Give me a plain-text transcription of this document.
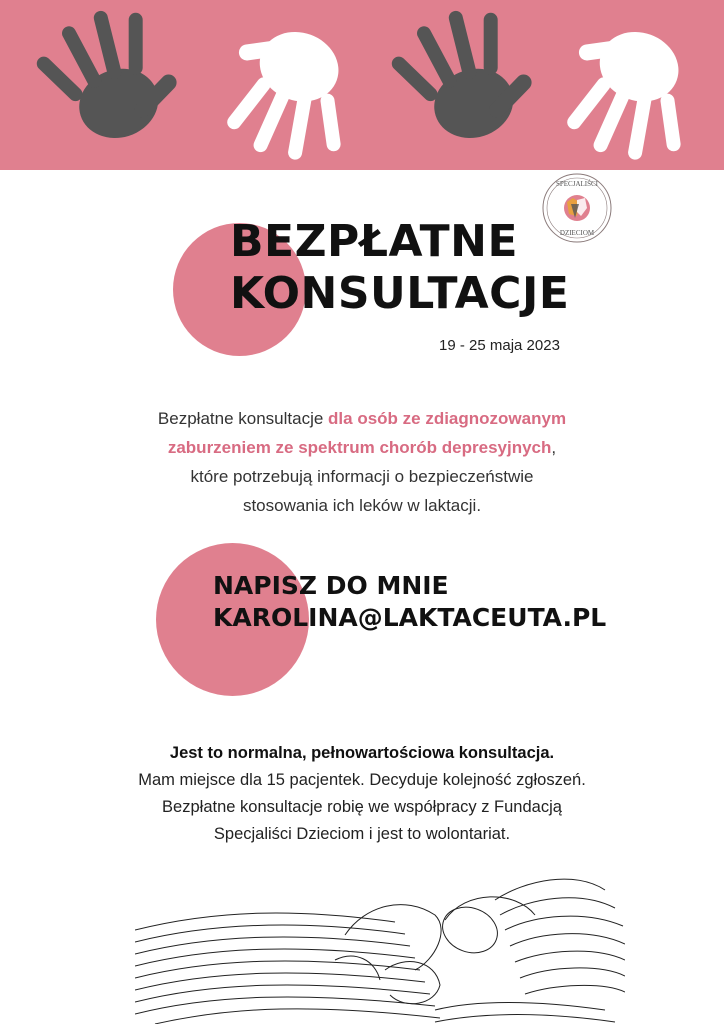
SPECJALIŚCI
DZIECIOM
BEZPŁATNE
KONSULTACJE
19 - 25 maja 2023

Bezpłatne konsultacje dla osób ze zdiagnozowanym zaburzeniem ze spektrum chorób depresyjnych, które potrzebują informacji o bezpieczeństwie stosowania ich leków w laktacji.

NAPISZ DO MNIE
KAROLINA@LAKTACEUTA.PL

Jest to normalna, pełnowartościowa konsultacja.
Mam miejsce dla 15 pacjentek. Decyduje kolejność zgłoszeń. Bezpłatne konsultacje robię we współpracy z Fundacją Specjaliści Dzieciom i jest to wolontariat.
